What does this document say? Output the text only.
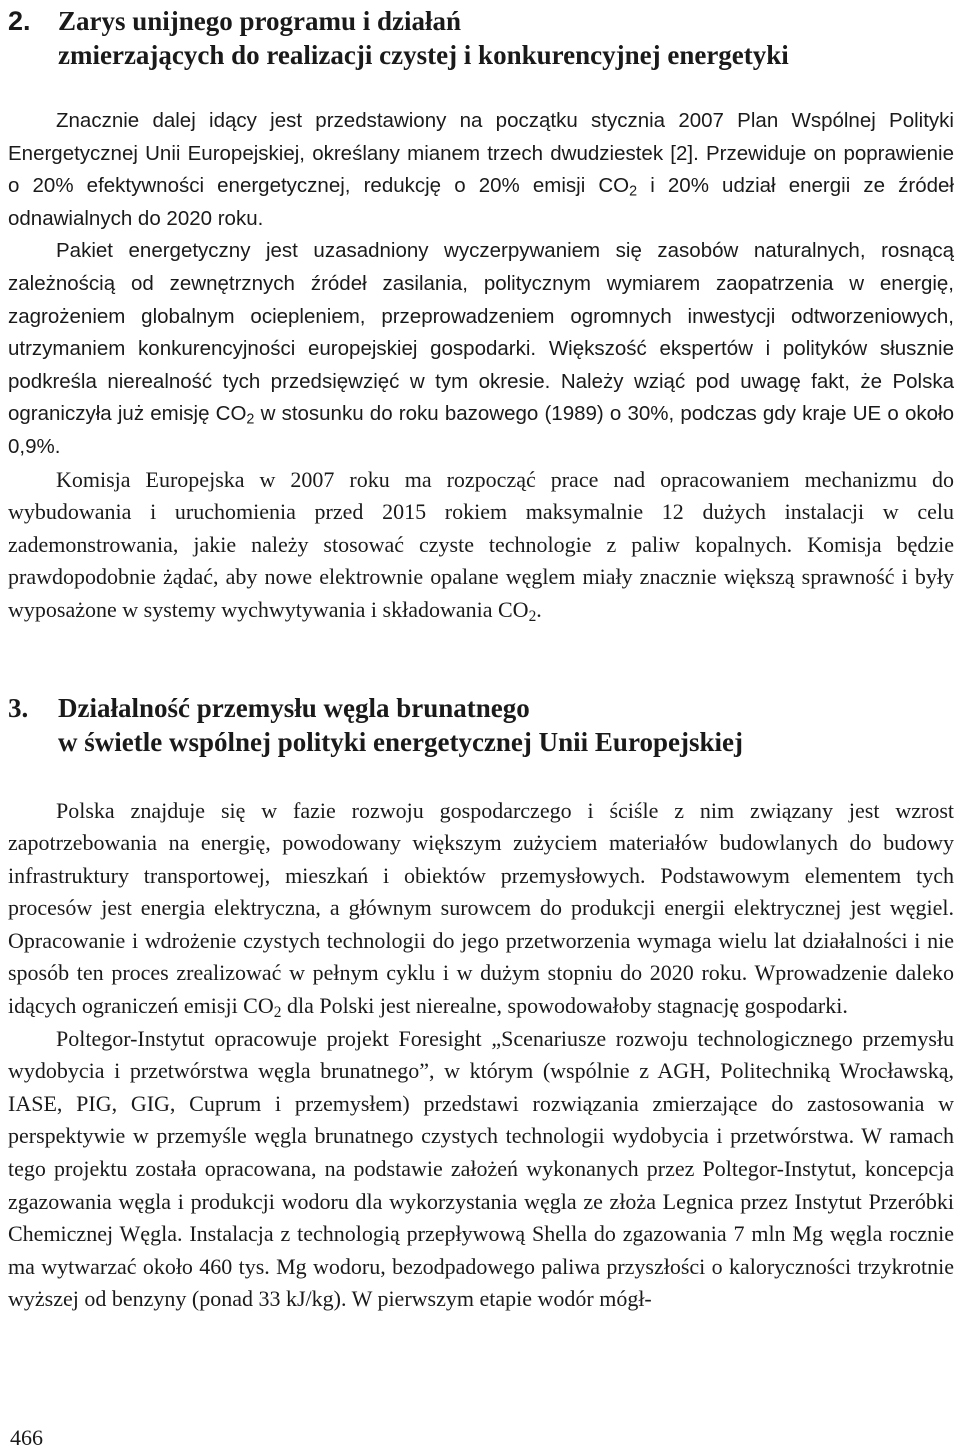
2.	Zarys unijnego programu i działań
zmierzających do realizacji czystej i konkurencyjnej energetyki

Znacznie dalej idący jest przedstawiony na początku stycznia 2007 Plan Wspólnej Polityki Energetycznej Unii Europejskiej, określany mianem trzech dwudziestek [2]. Przewiduje on poprawienie o 20% efektywności energetycznej, redukcję o 20% emisji $CO_2$ i 20% udział energii ze źródeł odnawialnych do 2020 roku.

Pakiet energetyczny jest uzasadniony wyczerpywaniem się zasobów naturalnych, rosnącą zależnością od zewnętrznych źródeł zasilania, politycznym wymiarem zaopatrzenia w energię, zagrożeniem globalnym ociepleniem, przeprowadzeniem ogromnych inwestycji odtworzeniowych, utrzymaniem konkurencyjności europejskiej gospodarki. Większość ekspertów i polityków słusznie podkreśla nierealność tych przedsięwzięć w tym okresie. Należy wziąć pod uwagę fakt, że Polska ograniczyła już emisję $CO_2$ w stosunku do roku bazowego (1989) o 30%, podczas gdy kraje UE o około 0,9%.

Komisja Europejska w 2007 roku ma rozpocząć prace nad opracowaniem mechanizmu do wybudowania i uruchomienia przed 2015 rokiem maksymalnie 12 dużych instalacji w celu zademonstrowania, jakie należy stosować czyste technologie z paliw kopalnych. Komisja będzie prawdopodobnie żądać, aby nowe elektrownie opalane węglem miały znacznie większą sprawność i były wyposażone w systemy wychwytywania i składowania $CO_2$.

3.	Działalność przemysłu węgla brunatnego
w świetle wspólnej polityki energetycznej Unii Europejskiej

Polska znajduje się w fazie rozwoju gospodarczego i ściśle z nim związany jest wzrost zapotrzebowania na energię, powodowany większym zużyciem materiałów budowlanych do budowy infrastruktury transportowej, mieszkań i obiektów przemysłowych. Podstawowym elementem tych procesów jest energia elektryczna, a głównym surowcem do produkcji energii elektrycznej jest węgiel. Opracowanie i wdrożenie czystych technologii do jego przetworzenia wymaga wielu lat działalności i nie sposób ten proces zrealizować w pełnym cyklu i w dużym stopniu do 2020 roku. Wprowadzenie daleko idących ograniczeń emisji $CO_2$ dla Polski jest nierealne, spowodowałoby stagnację gospodarki.

Poltegor-Instytut opracowuje projekt Foresight „Scenariusze rozwoju technologicznego przemysłu wydobycia i przetwórstwa węgla brunatnego”, w którym (wspólnie z AGH, Politechniką Wrocławską, IASE, PIG, GIG, Cuprum i przemysłem) przedstawi rozwiązania zmierzające do zastosowania w perspektywie w przemyśle węgla brunatnego czystych technologii wydobycia i przetwórstwa. W ramach tego projektu została opracowana, na podstawie założeń wykonanych przez Poltegor-Instytut, koncepcja zgazowania węgla i produkcji wodoru dla wykorzystania węgla ze złoża Legnica przez Instytut Przeróbki Chemicznej Węgla. Instalacja z technologią przepływową Shella do zgazowania 7 mln Mg węgla rocznie ma wytwarzać około 460 tys. Mg wodoru, bezodpadowego paliwa przyszłości o kaloryczności trzykrotnie wyższej od benzyny (ponad 33 kJ/kg). W pierwszym etapie wodór mógł-

466
